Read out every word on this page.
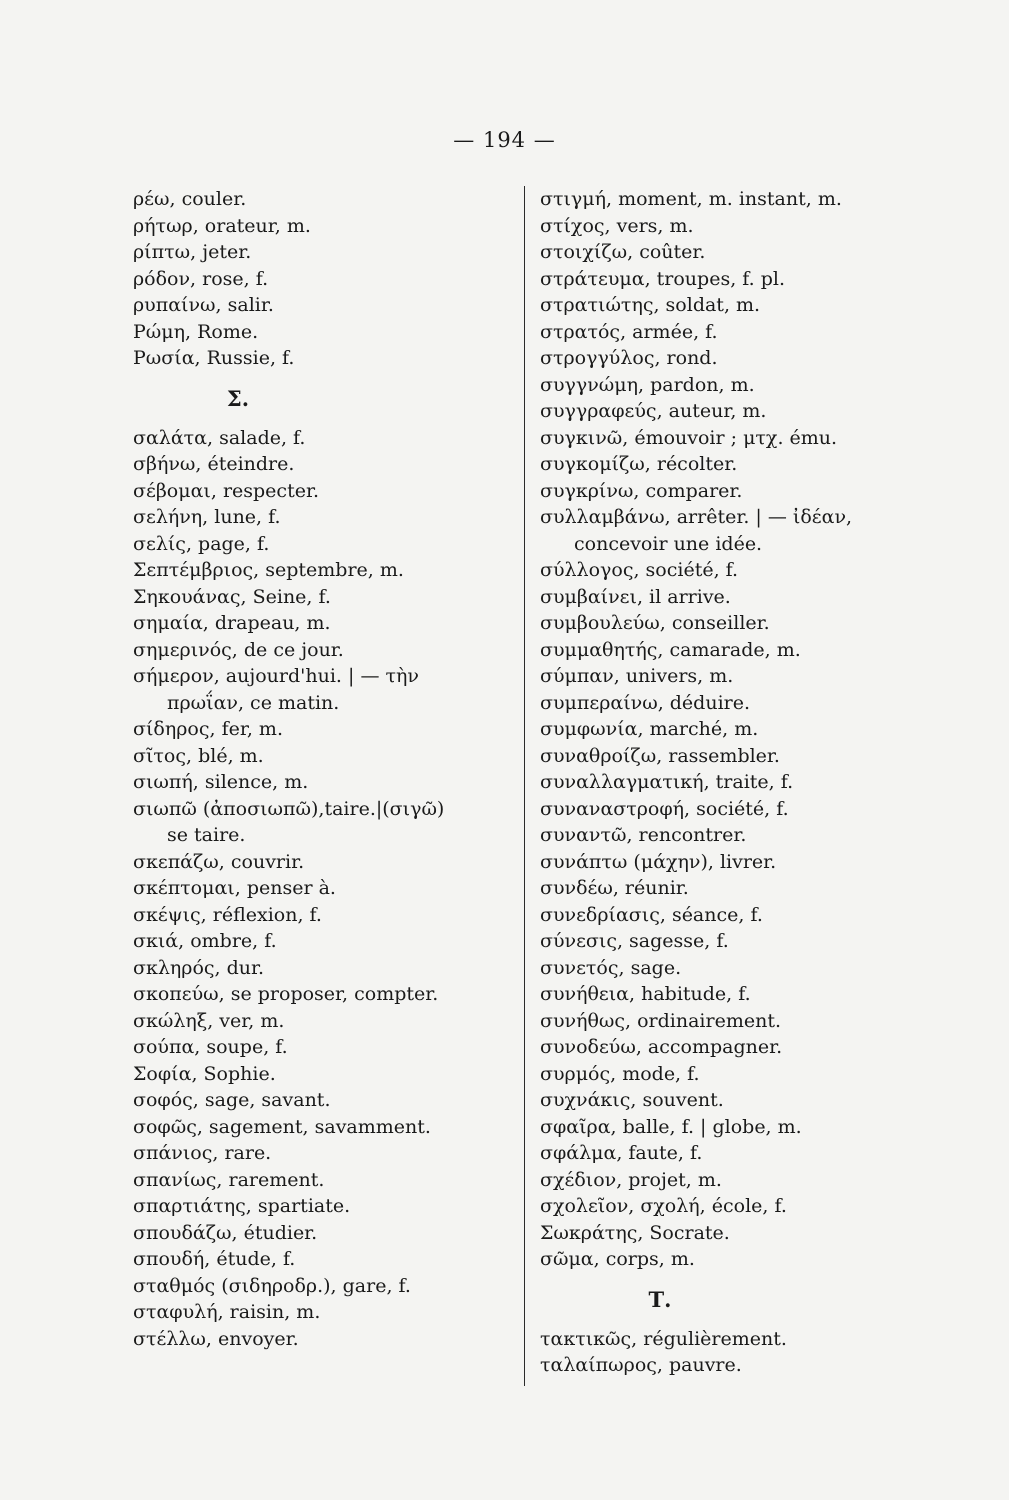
— 194 —
ρέω, couler.
ρήτωρ, orateur, m.
ρίπτω, jeter.
ρόδον, rose, f.
ρυπαίνω, salir.
Ρώμη, Rome.
Ρωσία, Russie, f.
Σ.
σαλάτα, salade, f.
σβήνω, éteindre.
σέβομαι, respecter.
σελήνη, lune, f.
σελίς, page, f.
Σεπτέμβριος, septembre, m.
Σηκουάνας, Seine, f.
σημαία, drapeau, m.
σημερινός, de ce jour.
σήμερον, aujourd'hui. | — τὴν
πρωΐαν, ce matin.
σίδηρος, fer, m.
σῖτος, blé, m.
σιωπή, silence, m.
σιωπῶ (ἀποσιωπῶ),taire.|(σιγῶ)
se taire.
σκεπάζω, couvrir.
σκέπτομαι, penser à.
σκέψις, réflexion, f.
σκιά, ombre, f.
σκληρός, dur.
σκοπεύω, se proposer, compter.
σκώληξ, ver, m.
σούπα, soupe, f.
Σοφία, Sophie.
σοφός, sage, savant.
σοφῶς, sagement, savamment.
σπάνιος, rare.
σπανίως, rarement.
σπαρτιάτης, spartiate.
σπουδάζω, étudier.
σπουδή, étude, f.
σταθμός (σιδηροδρ.), gare, f.
σταφυλή, raisin, m.
στέλλω, envoyer.
στιγμή, moment, m. instant, m.
στίχος, vers, m.
στοιχίζω, coûter.
στράτευμα, troupes, f. pl.
στρατιώτης, soldat, m.
στρατός, armée, f.
στρογγύλος, rond.
συγγνώμη, pardon, m.
συγγραφεύς, auteur, m.
συγκινῶ, émouvoir ; μτχ. ému.
συγκομίζω, récolter.
συγκρίνω, comparer.
συλλαμβάνω, arrêter. | — ἰδέαν,
concevoir une idée.
σύλλογος, société, f.
συμβαίνει, il arrive.
συμβουλεύω, conseiller.
συμμαθητής, camarade, m.
σύμπαν, univers, m.
συμπεραίνω, déduire.
συμφωνία, marché, m.
συναθροίζω, rassembler.
συναλλαγματική, traite, f.
συναναστροφή, société, f.
συναντῶ, rencontrer.
συνάπτω (μάχην), livrer.
συνδέω, réunir.
συνεδρίασις, séance, f.
σύνεσις, sagesse, f.
συνετός, sage.
συνήθεια, habitude, f.
συνήθως, ordinairement.
συνοδεύω, accompagner.
συρμός, mode, f.
συχνάκις, souvent.
σφαῖρα, balle, f. | globe, m.
σφάλμα, faute, f.
σχέδιον, projet, m.
σχολεῖον, σχολή, école, f.
Σωκράτης, Socrate.
σῶμα, corps, m.
Τ.
τακτικῶς, régulièrement.
ταλαίπωρος, pauvre.
